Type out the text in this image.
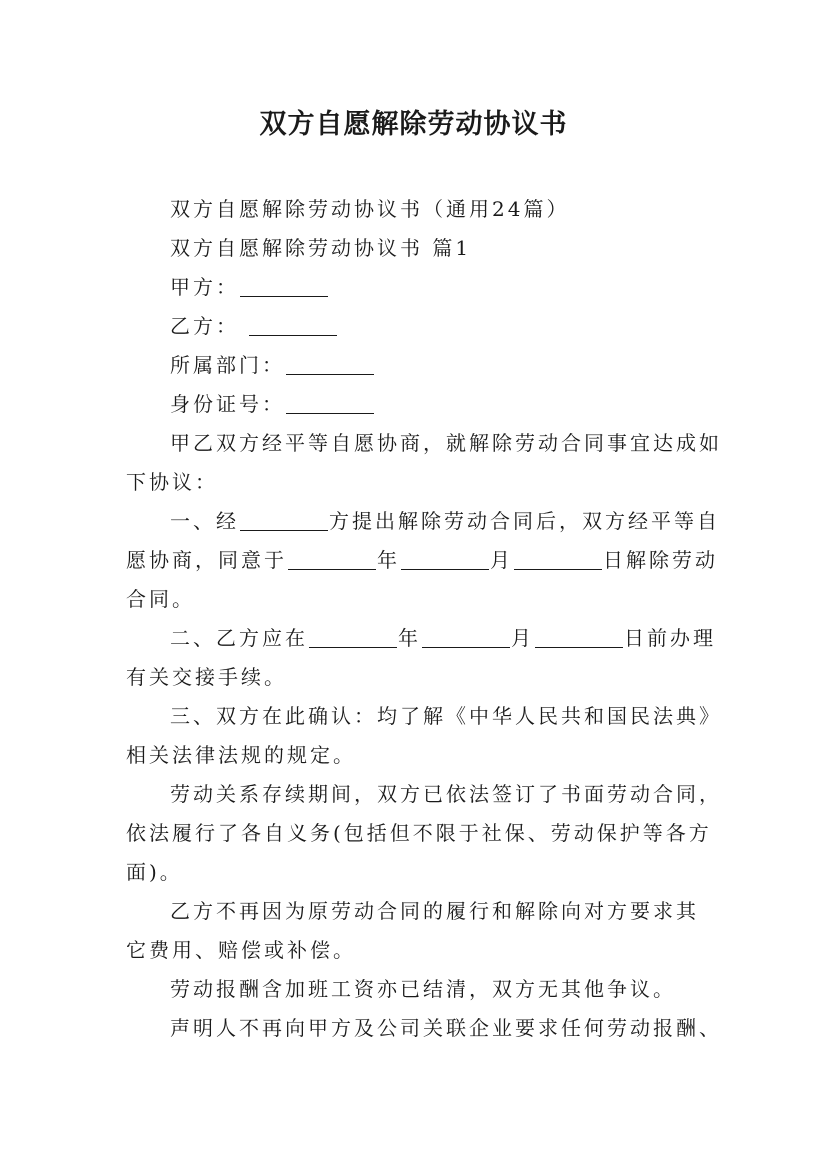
双方自愿解除劳动协议书
双方自愿解除劳动协议书（通用24篇）
双方自愿解除劳动协议书 篇1
甲方：
乙方：
所属部门：
身份证号：
甲乙双方经平等自愿协商，就解除劳动合同事宜达成如
下协议：
一、经	方提出解除劳动合同后，双方经平等自
愿协商，同意于	年	月	日解除劳动
合同。
二、乙方应在	年	月	日前办理
有关交接手续。
三、双方在此确认：均了解《中华人民共和国民法典》
相关法律法规的规定。
劳动关系存续期间，双方已依法签订了书面劳动合同，
依法履行了各自义务(包括但不限于社保、劳动保护等各方
面)。
乙方不再因为原劳动合同的履行和解除向对方要求其
它费用、赔偿或补偿。
劳动报酬含加班工资亦已结清，双方无其他争议。
声明人不再向甲方及公司关联企业要求任何劳动报酬、
